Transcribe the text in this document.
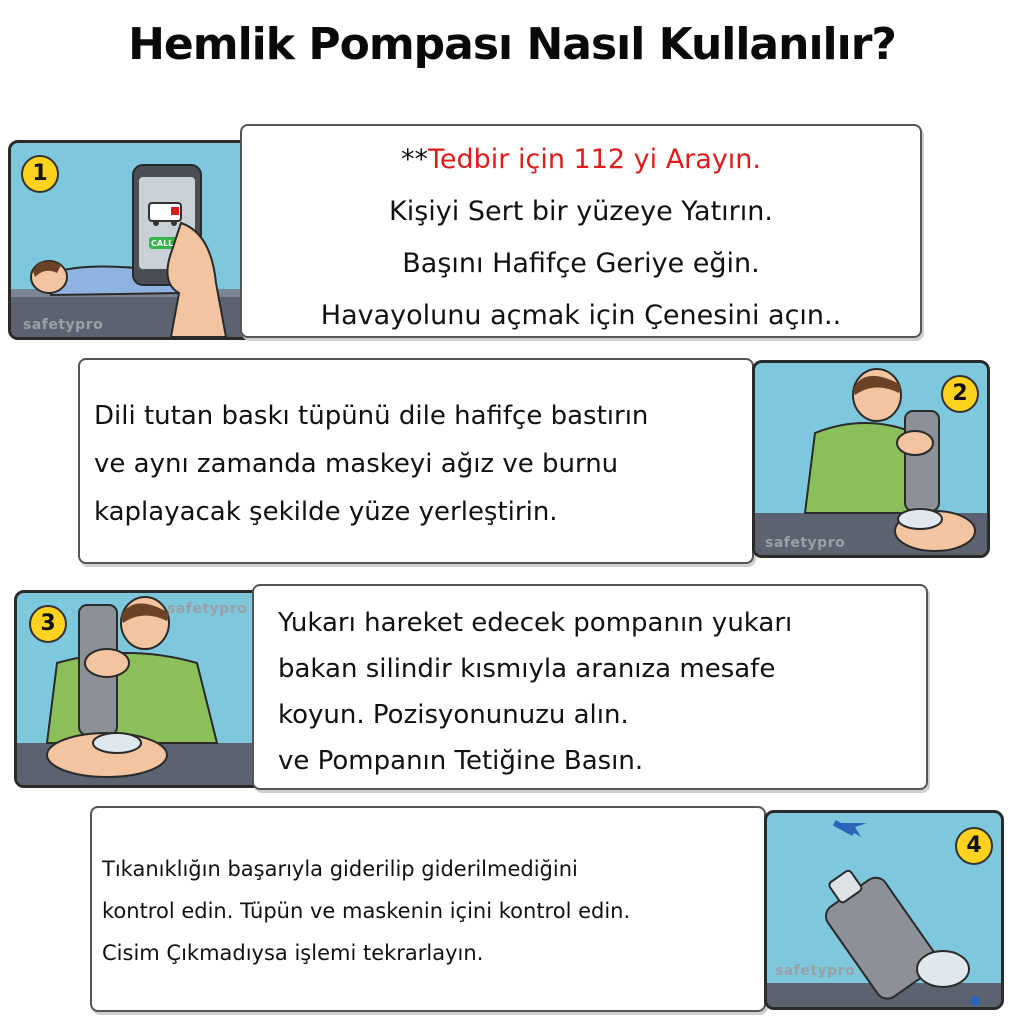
Hemlik Pompası Nasıl Kullanılır?
1
safetypro
CALL
**Tedbir için 112 yi Arayın.
Kişiyi Sert bir yüzeye Yatırın.
Başını Hafifçe Geriye eğin.
Havayolunu açmak için Çenesini açın..
Dili tutan baskı tüpünü dile hafifçe bastırın
ve aynı zamanda maskeyi ağız ve burnu
kaplayacak şekilde yüze yerleştirin.
2
safetypro
3
safetypro Yukarı hareket edecek pompanın yukarı
bakan silindir kısmıyla aranıza mesafe
koyun. Pozisyonunuzu alın.
ve Pompanın Tetiğine Basın.
Tıkanıklığın başarıyla giderilip giderilmediğini
kontrol edin. Tüpün ve maskenin içini kontrol edin.
Cisim Çıkmadıysa işlemi tekrarlayın.
4
safetypro
